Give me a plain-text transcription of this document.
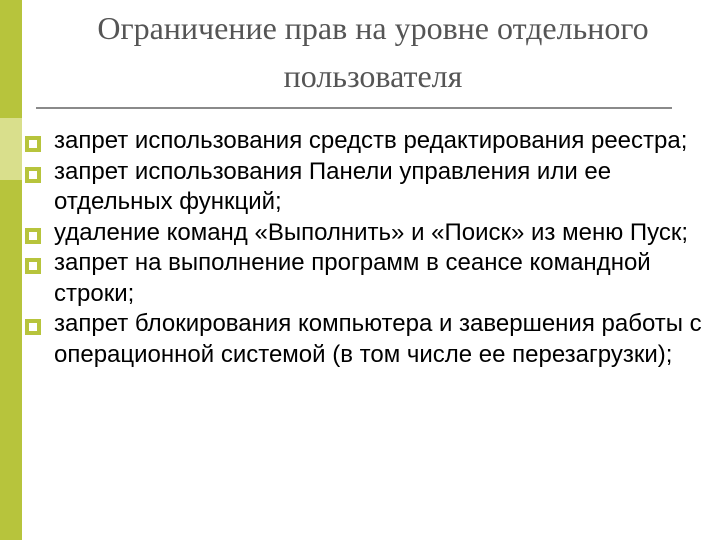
Ограничение прав на уровне отдельного
пользователя
запрет использования средств редактирования реестра;
запрет использования Панели управления или ее отдельных функций;
удаление команд «Выполнить» и «Поиск» из меню Пуск;
запрет на выполнение программ в сеансе командной строки;
запрет блокирования компьютера и завершения работы с операционной системой (в том числе ее перезагрузки);
